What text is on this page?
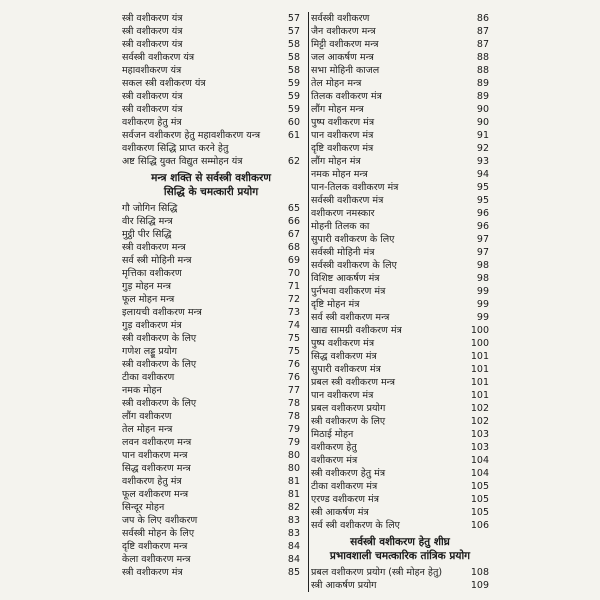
स्त्री वशीकरण यंत्र	57
स्त्री वशीकरण यंत्र	57
स्त्री वशीकरण यंत्र	58
सर्वस्त्री वशीकरण यंत्र	58
महावशीकरण यंत्र	58
सकल स्त्री वशीकरण यंत्र	59
स्त्री वशीकरण यंत्र	59
स्त्री वशीकरण यंत्र	59
वशीकरण हेतु मंत्र	60
सर्वजन वशीकरण हेतु महावशीकरण यन्त्र	61
वशीकरण सिद्धि प्राप्त करने हेतु
अष्ट सिद्धि युक्त विद्युत सम्मोहन यंत्र	62
मन्त्र शक्ति से सर्वस्त्री वशीकरण
सिद्धि के चमत्कारी प्रयोग
गौ जोगिन सिद्धि	65
वीर सिद्धि मन्त्र	66
मुट्ठी पीर सिद्धि	67
स्त्री वशीकरण मन्त्र	68
सर्व स्त्री मोहिनी मन्त्र	69
मृत्तिका वशीकरण	70
गुड़ मोहन मन्त्र	71
फूल मोहन मन्त्र	72
इलायची वशीकरण मन्त्र	73
गुड़ वशीकरण मंत्र	74
स्त्री वशीकरण के लिए	75
गणेश लड्डू प्रयोग	75
स्त्री वशीकरण के लिए	76
टीका वशीकरण	76
नमक मोहन	77
स्त्री वशीकरण के लिए	78
लौंग वशीकरण	78
तेल मोहन मन्त्र	79
लवन वशीकरण मन्त्र	79
पान वशीकरण मन्त्र	80
सिद्ध वशीकरण मन्त्र	80
वशीकरण हेतु मंत्र	81
फूल वशीकरण मन्त्र	81
सिन्दूर मोहन	82
जप के लिए वशीकरण	83
सर्वस्त्री मोहन के लिए	83
दृष्टि वशीकरण मन्त्र	84
केला वशीकरण मन्त्र	84
स्त्री वशीकरण मंत्र	85
सर्वस्त्री वशीकरण	86
जैन वशीकरण मन्त्र	87
मिट्टी वशीकरण मन्त्र	87
जल आकर्षण मन्त्र	88
सभा मोहिनी काजल	88
तेल मोहन मन्त्र	89
तिलक वशीकरण मंत्र	89
लौंग मोहन मन्त्र	90
पुष्प वशीकरण मंत्र	90
पान वशीकरण मंत्र	91
दृष्टि वशीकरण मंत्र	92
लौंग मोहन मंत्र	93
नमक मोहन मन्त्र	94
पान-तिलक वशीकरण मंत्र	95
सर्वस्त्री वशीकरण मंत्र	95
वशीकरण नमस्कार	96
मोहनी तिलक का	96
सुपारी वशीकरण के लिए	97
सर्वस्त्री मोहिनी मंत्र	97
सर्वस्त्री वशीकरण के लिए	98
विशिष्ट आकर्षण मंत्र	98
पुर्नभवा वशीकरण मंत्र	99
दृष्टि मोहन मंत्र	99
सर्व स्त्री वशीकरण मन्त्र	99
खाद्य सामग्री वशीकरण मंत्र	100
पुष्प वशीकरण मंत्र	100
सिद्ध वशीकरण मंत्र	101
सुपारी वशीकरण मंत्र	101
प्रबल स्त्री वशीकरण मन्त्र	101
पान वशीकरण मंत्र	101
प्रबल वशीकरण प्रयोग	102
स्त्री वशीकरण के लिए	102
मिठाई मोहन	103
वशीकरण हेतु	103
वशीकरण मंत्र	104
स्त्री वशीकरण हेतु मंत्र	104
टीका वशीकरण मंत्र	105
एरण्ड वशीकरण मंत्र	105
स्त्री आकर्षण मंत्र	105
सर्व स्त्री वशीकरण के लिए	106
सर्वस्त्री वशीकरण हेतु शीघ्र
प्रभावशाली चमत्कारिक तांत्रिक प्रयोग
प्रबल वशीकरण प्रयोग (स्त्री मोहन हेतु)	108
स्त्री आकर्षण प्रयोग	109
